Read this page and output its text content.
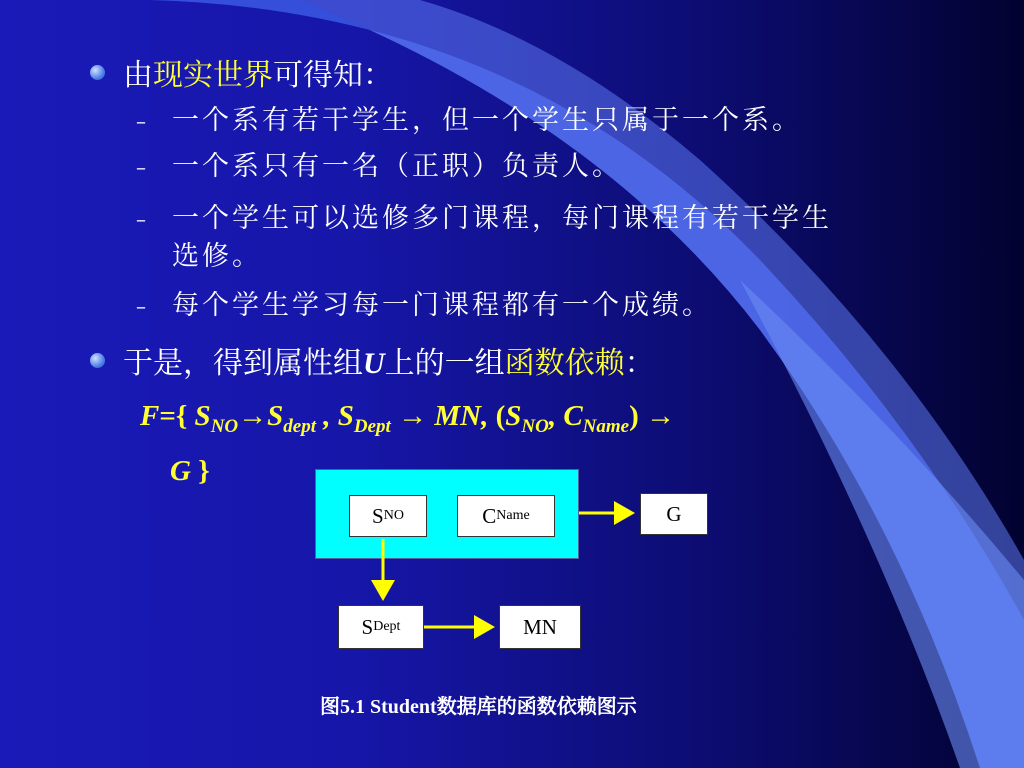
由现实世界可得知：
– 一个系有若干学生，但一个学生只属于一个系。
– 一个系只有一名（正职）负责人。
– 一个学生可以选修多门课程，每门课程有若干学生
选修。
– 每个学生学习每一门课程都有一个成绩。
于是，得到属性组U上的一组函数依赖：
F={ $S_{NO}\to S_{dept}$ , $S_{Dept}$ → MN, ($S_{NO}$, $C_{Name}$) →
G }
S NO	C Name	G
S Dept	MN
图5.1 Student数据库的函数依赖图示
